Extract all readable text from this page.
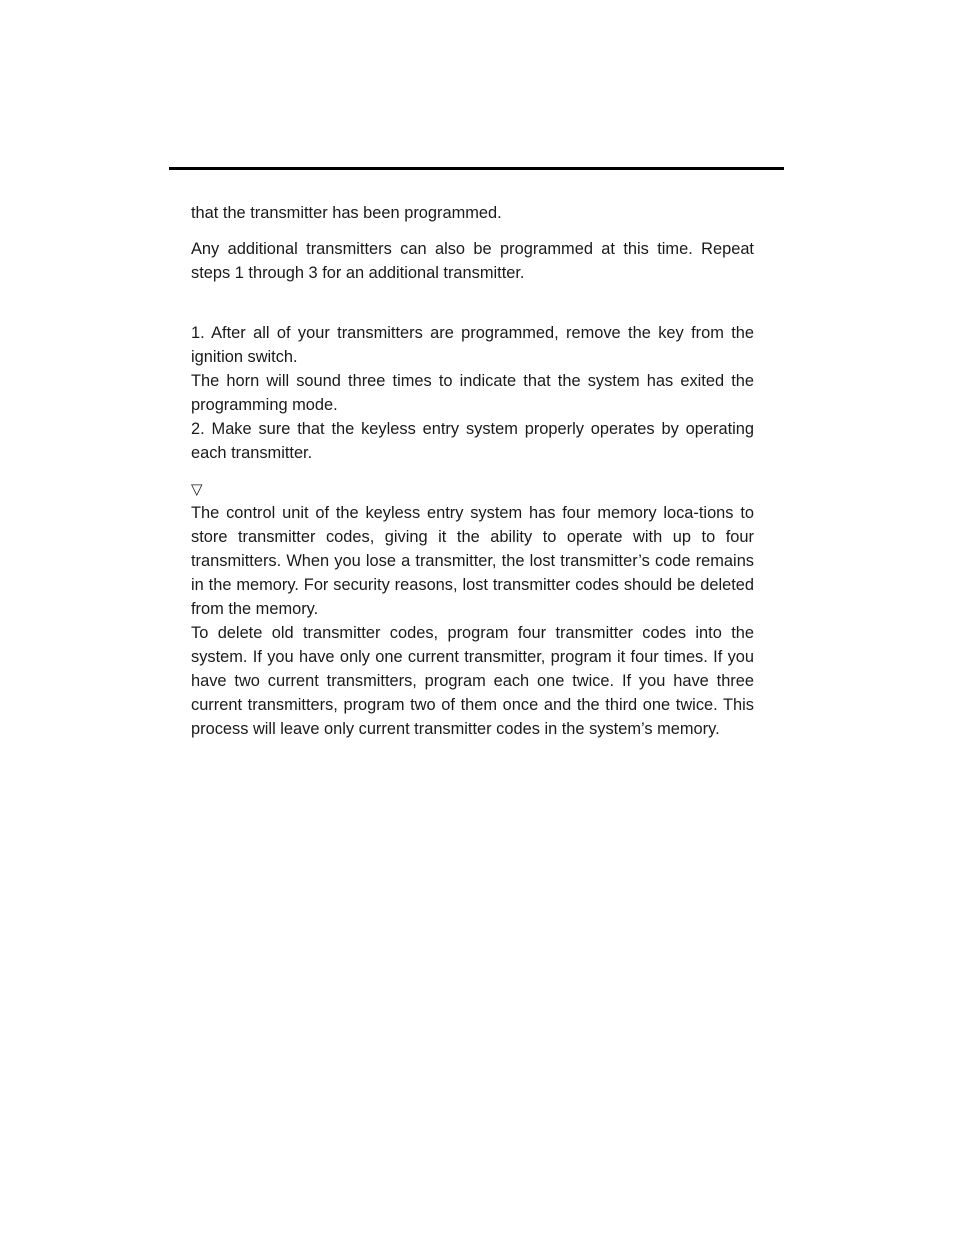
that the transmitter has been programmed.

Any additional transmitters can also be programmed at this time. Repeat steps 1 through 3 for an additional transmitter.

1. After all of your transmitters are programmed, remove the key from the ignition switch.

The horn will sound three times to indicate that the system has exited the programming mode.

2. Make sure that the keyless entry system properly operates by operating each transmitter.

▽

The control unit of the keyless entry system has four memory loca-tions to store transmitter codes, giving it the ability to operate with up to four transmitters. When you lose a transmitter, the lost transmitter’s code remains in the memory. For security reasons, lost transmitter codes should be deleted from the memory.

To delete old transmitter codes, program four transmitter codes into the system. If you have only one current transmitter, program it four times. If you have two current transmitters, program each one twice. If you have three current transmitters, program two of them once and the third one twice. This process will leave only current transmitter codes in the system’s memory.
